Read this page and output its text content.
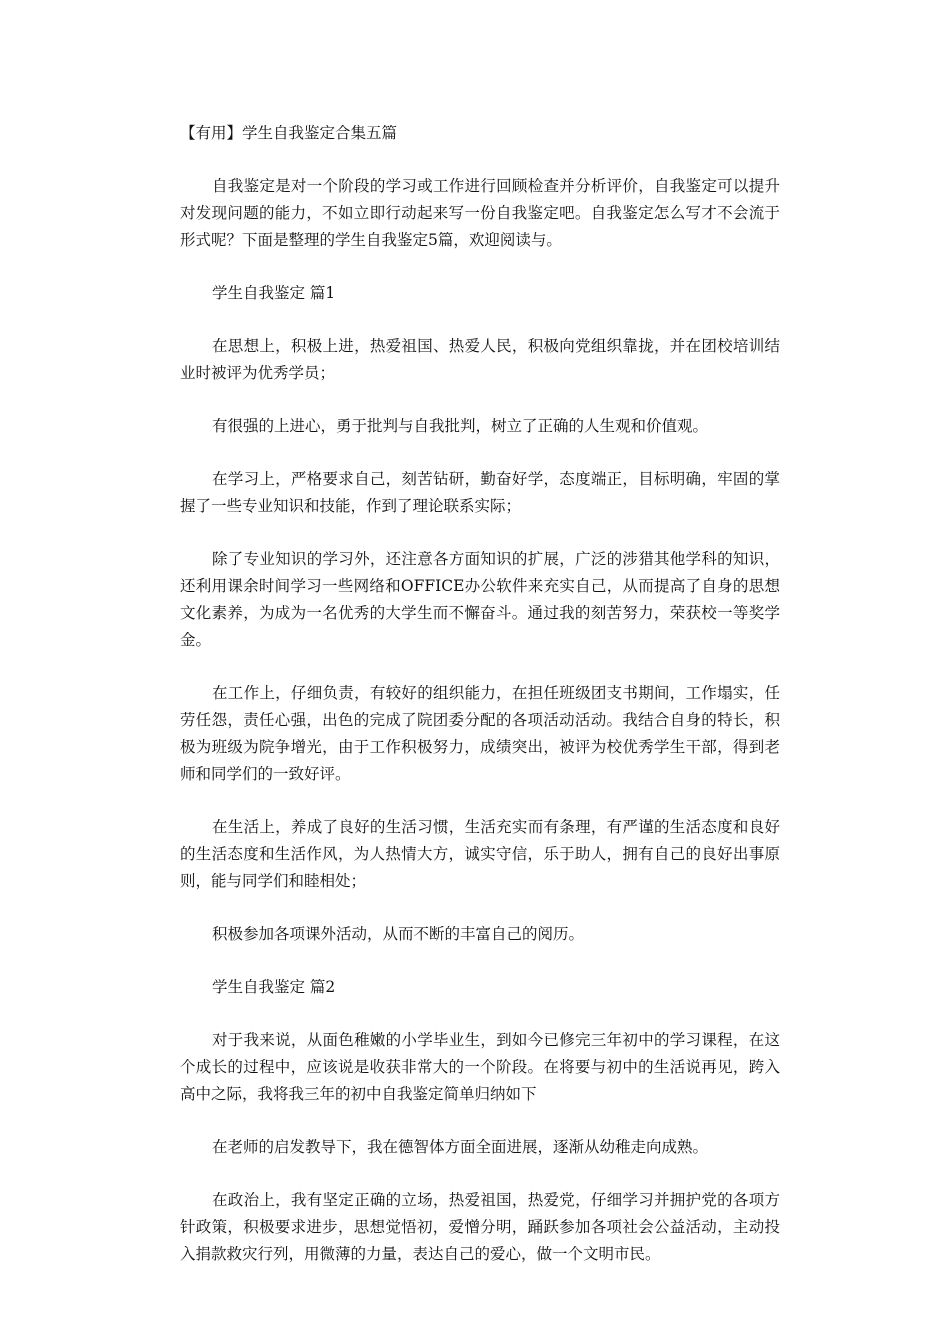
【有用】学生自我鉴定合集五篇

自我鉴定是对一个阶段的学习或工作进行回顾检查并分析评价，自我鉴定可以提升对发现问题的能力，不如立即行动起来写一份自我鉴定吧。自我鉴定怎么写才不会流于形式呢？下面是整理的学生自我鉴定5篇，欢迎阅读与。

学生自我鉴定 篇1

在思想上，积极上进，热爱祖国、热爱人民，积极向党组织靠拢，并在团校培训结业时被评为优秀学员；

有很强的上进心，勇于批判与自我批判，树立了正确的人生观和价值观。

在学习上，严格要求自己，刻苦钻研，勤奋好学，态度端正，目标明确，牢固的掌握了一些专业知识和技能，作到了理论联系实际；

除了专业知识的学习外，还注意各方面知识的扩展，广泛的涉猎其他学科的知识，还利用课余时间学习一些网络和OFFICE办公软件来充实自己，从而提高了自身的思想文化素养，为成为一名优秀的大学生而不懈奋斗。通过我的刻苦努力，荣获校一等奖学金。

在工作上，仔细负责，有较好的组织能力，在担任班级团支书期间，工作塌实，任劳任怨，责任心强，出色的完成了院团委分配的各项活动活动。我结合自身的特长，积极为班级为院争增光，由于工作积极努力，成绩突出，被评为校优秀学生干部，得到老师和同学们的一致好评。

在生活上，养成了良好的生活习惯，生活充实而有条理，有严谨的生活态度和良好的生活态度和生活作风，为人热情大方，诚实守信，乐于助人，拥有自己的良好出事原则，能与同学们和睦相处；

积极参加各项课外活动，从而不断的丰富自己的阅历。

学生自我鉴定 篇2

对于我来说，从面色稚嫩的小学毕业生，到如今已修完三年初中的学习课程，在这个成长的过程中，应该说是收获非常大的一个阶段。在将要与初中的生活说再见，跨入高中之际，我将我三年的初中自我鉴定简单归纳如下

在老师的启发教导下，我在德智体方面全面进展，逐渐从幼稚走向成熟。

在政治上，我有坚定正确的立场，热爱祖国，热爱党，仔细学习并拥护党的各项方针政策，积极要求进步，思想觉悟初，爱憎分明，踊跃参加各项社会公益活动，主动投入捐款救灾行列，用微薄的力量，表达自己的爱心，做一个文明市民。
